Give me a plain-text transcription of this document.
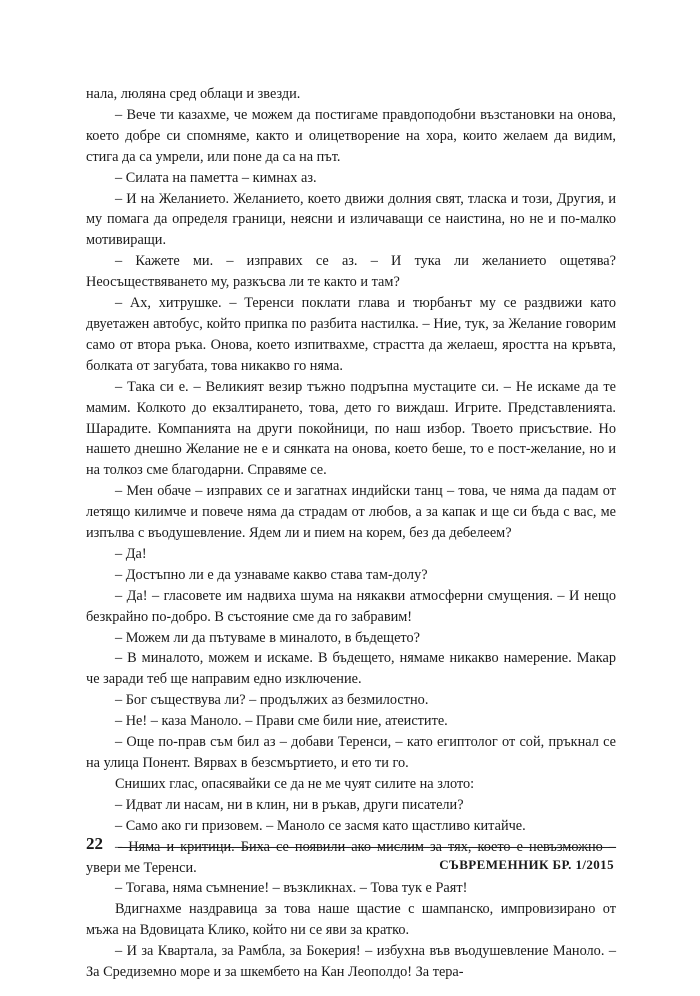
нала, люляна сред облаци и звезди.

– Вече ти казахме, че можем да постигаме правдоподобни възстановки на онова, което добре си спомняме, както и олицетворение на хора, които желаем да видим, стига да са умрели, или поне да са на път.

– Силата на паметта – кимнах аз.

– И на Желанието. Желанието, което движи долния свят, тласка и този, Другия, и му помага да определя граници, неясни и изличаващи се наистина, но не и по-малко мотивиращи.

– Кажете ми. – изправих се аз. – И тука ли желанието ощетява? Неосъществяването му, разкъсва ли те както и там?

– Ах, хитрушке. – Теренси поклати глава и тюрбанът му се раздвижи като двуетажен автобус, който припка по разбита настилка. – Ние, тук, за Желание говорим само от втора ръка. Онова, което изпитвахме, страстта да желаеш, яростта на кръвта, болката от загубата, това никакво го няма.

– Така си е. – Великият везир тъжно подръпна мустаците си. – Не искаме да те мамим. Колкото до екзалтирането, това, дето го виждаш. Игрите. Представленията. Шарадите. Компанията на други покойници, по наш избор. Твоето присъствие. Но нашето днешно Желание не е и сянката на онова, което беше, то е пост-желание, но и на толкоз сме благодарни. Справяме се.

– Мен обаче – изправих се и загатнах индийски танц – това, че няма да падам от летящо килимче и повече няма да страдам от любов, а за капак и ще си бъда с вас, ме изпълва с въодушевление. Ядем ли и пием на корем, без да дебелеем?

– Да!

– Достъпно ли е да узнаваме какво става там-долу?

– Да! – гласовете им надвиха шума на някакви атмосферни смущения. – И нещо безкрайно по-добро. В състояние сме да го забравим!

– Можем ли да пътуваме в миналото, в бъдещето?

– В миналото, можем и искаме. В бъдещето, нямаме никакво намерение. Макар че заради теб ще направим едно изключение.

– Бог съществува ли? – продължих аз безмилостно.

– Не! – каза Маноло. – Прави сме били ние, атеистите.

– Още по-прав съм бил аз – добави Теренси, – като египтолог от сой, пръкнал се на улица Понент. Вярвах в безсмъртието, и ето ти го.

Сниших глас, опасявайки се да не ме чуят силите на злото:

– Идват ли насам, ни в клин, ни в ръкав, други писатели?

– Само ако ги призовем. – Маноло се засмя като щастливо китайче.

– Няма и критици. Биха се появили ако мислим за тях, което е невъзможно – увери ме Теренси.

– Тогава, няма съмнение! – възкликнах. – Това тук е Раят!

Вдигнахме наздравица за това наше щастие с шампанско, импровизирано от мъжа на Вдовицата Клико, който ни се яви за кратко.

– И за Квартала, за Рамбла, за Бокерия! – избухна във въодушевление Маноло. – За Средиземно море и за шкембето на Кан Леополдо! За тера-

22
СЪВРЕМЕННИК БР. 1/2015
